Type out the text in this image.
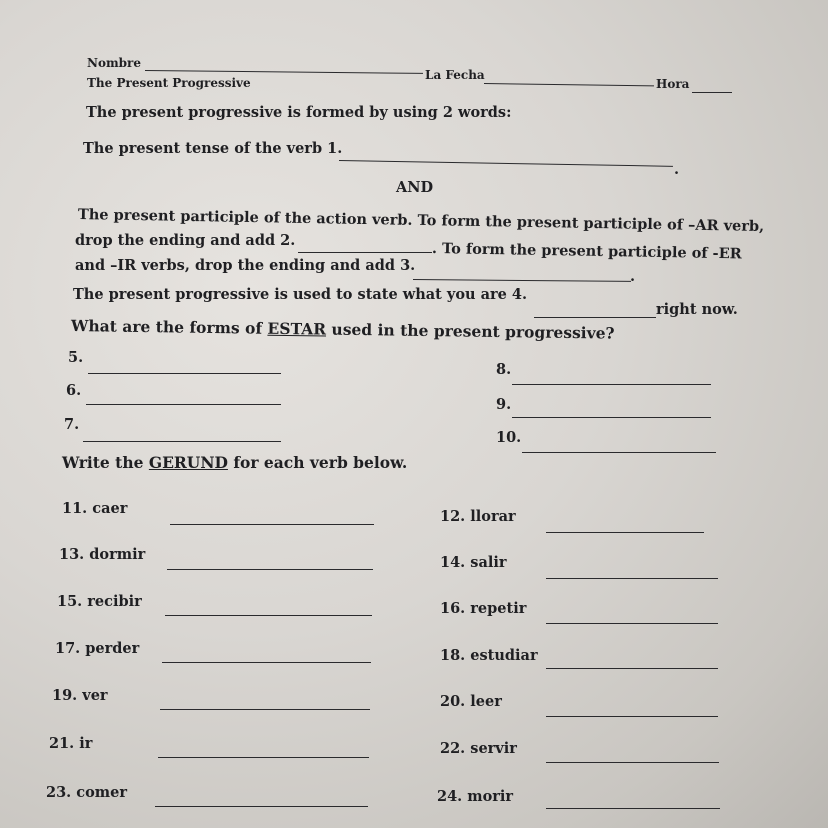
Nombre
The Present Progressive
La Fecha
Hora
The present progressive is formed by using 2 words:
The present tense of the verb 1.
.
AND
The present participle of the action verb. To form the present participle of –AR verb,
drop the ending and add 2.	. To form the present participle of -ER
and –IR verbs, drop the ending and add 3.
.
The present progressive is used to state what you are 4.
right now.
What are the forms of ESTAR used in the present progressive?
5.
6.
7.
8.
9.
10.
Write the GERUND for each verb below.
11. caer
13. dormir
15. recibir
17. perder
19. ver
21. ir
23. comer
12. llorar
14. salir
16. repetir
18. estudiar
20. leer
22. servir
24. morir
